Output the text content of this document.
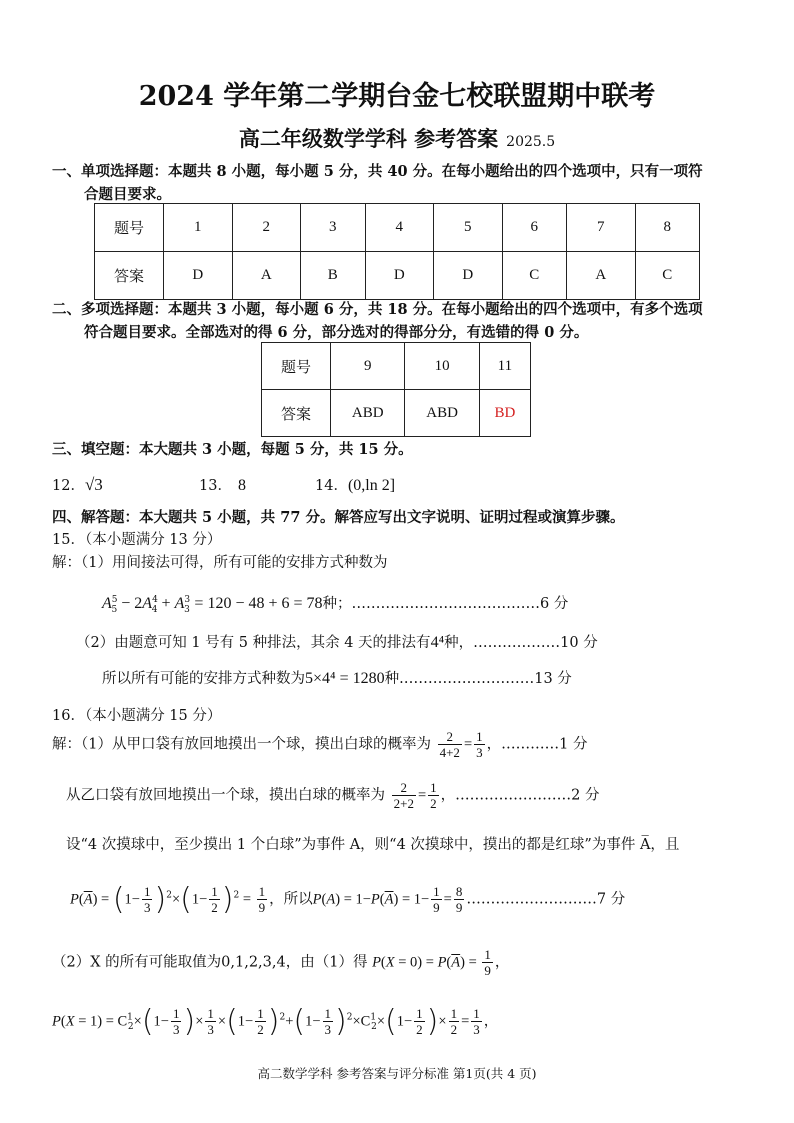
2024 学年第二学期台金七校联盟期中联考
高二年级数学学科 参考答案 2025.5
一、单项选择题：本题共 8 小题，每小题 5 分，共 40 分。在每小题给出的四个选项中，只有一项符
合题目要求。
题号	1	2	3	4	5	6	7	8
答案	D	A	B	D	D	C	A	C
二、多项选择题：本题共 3 小题，每小题 6 分，共 18 分。在每小题给出的四个选项中，有多个选项
符合题目要求。全部选对的得 6 分，部分选对的得部分分，有选错的得 0 分。
题号	9	10	11
答案	ABD	ABD	BD
三、填空题：本大题共 3 小题，每题 5 分，共 15 分。
12．√3	13． 8	14．(0,ln 2]
四、解答题：本大题共 5 小题，共 77 分。解答应写出文字说明、证明过程或演算步骤。
15．（本小题满分 13 分）
解：（1）用间接法可得，所有可能的安排方式种数为
$A^5_5 - 2A^4_4 + A^3_3 = 120 - 48 + 6 = 78$种；…………………………………6 分
（2）由题意可知 1 号有 5 种排法，其余 4 天的排法有4⁴种，………………10 分
所以所有可能的安排方式种数为5×4⁴ = 1280种.………………………13 分
16．（本小题满分 15 分）
解：（1）从甲口袋有放回地摸出一个球，摸出白球的概率为 $\frac{2}{4+2} = \frac{1}{3}$ ，…………1 分
从乙口袋有放回地摸出一个球，摸出白球的概率为 $\frac{2}{2+2} = \frac{1}{2}$ ，……………………2 分
设“4 次摸球中，至少摸出 1 个白球”为事件 A，则“4 次摸球中，摸出的都是红球”为事件 A̅，且
$P(\overline{A}) = (1- \frac{1}{3} )^2\times(1- \frac{1}{2} )^2 = \frac{1}{9}$ ，所以$P(A) = 1-P(\overline{A}) = 1- \frac{1}{9} = \frac{8}{9}$ ………………………7 分
（2）X 的所有可能取值为0,1,2,3,4，由（1）得 $P(X = 0) = P(\overline{A}) = \frac{1}{9}$ ，
$P(X = 1) = C^1_2\times(1- \frac{1}{3}$ )× $\frac{1}{3} \times(1- \frac{1}{2} )^2+(1- \frac{1}{3} )^2\times C^1_2\times(1- \frac{1}{2}$ )× $\frac{1}{2} = \frac{1}{3}$ ，
高二数学学科 参考答案与评分标准 第1页(共 4 页)
